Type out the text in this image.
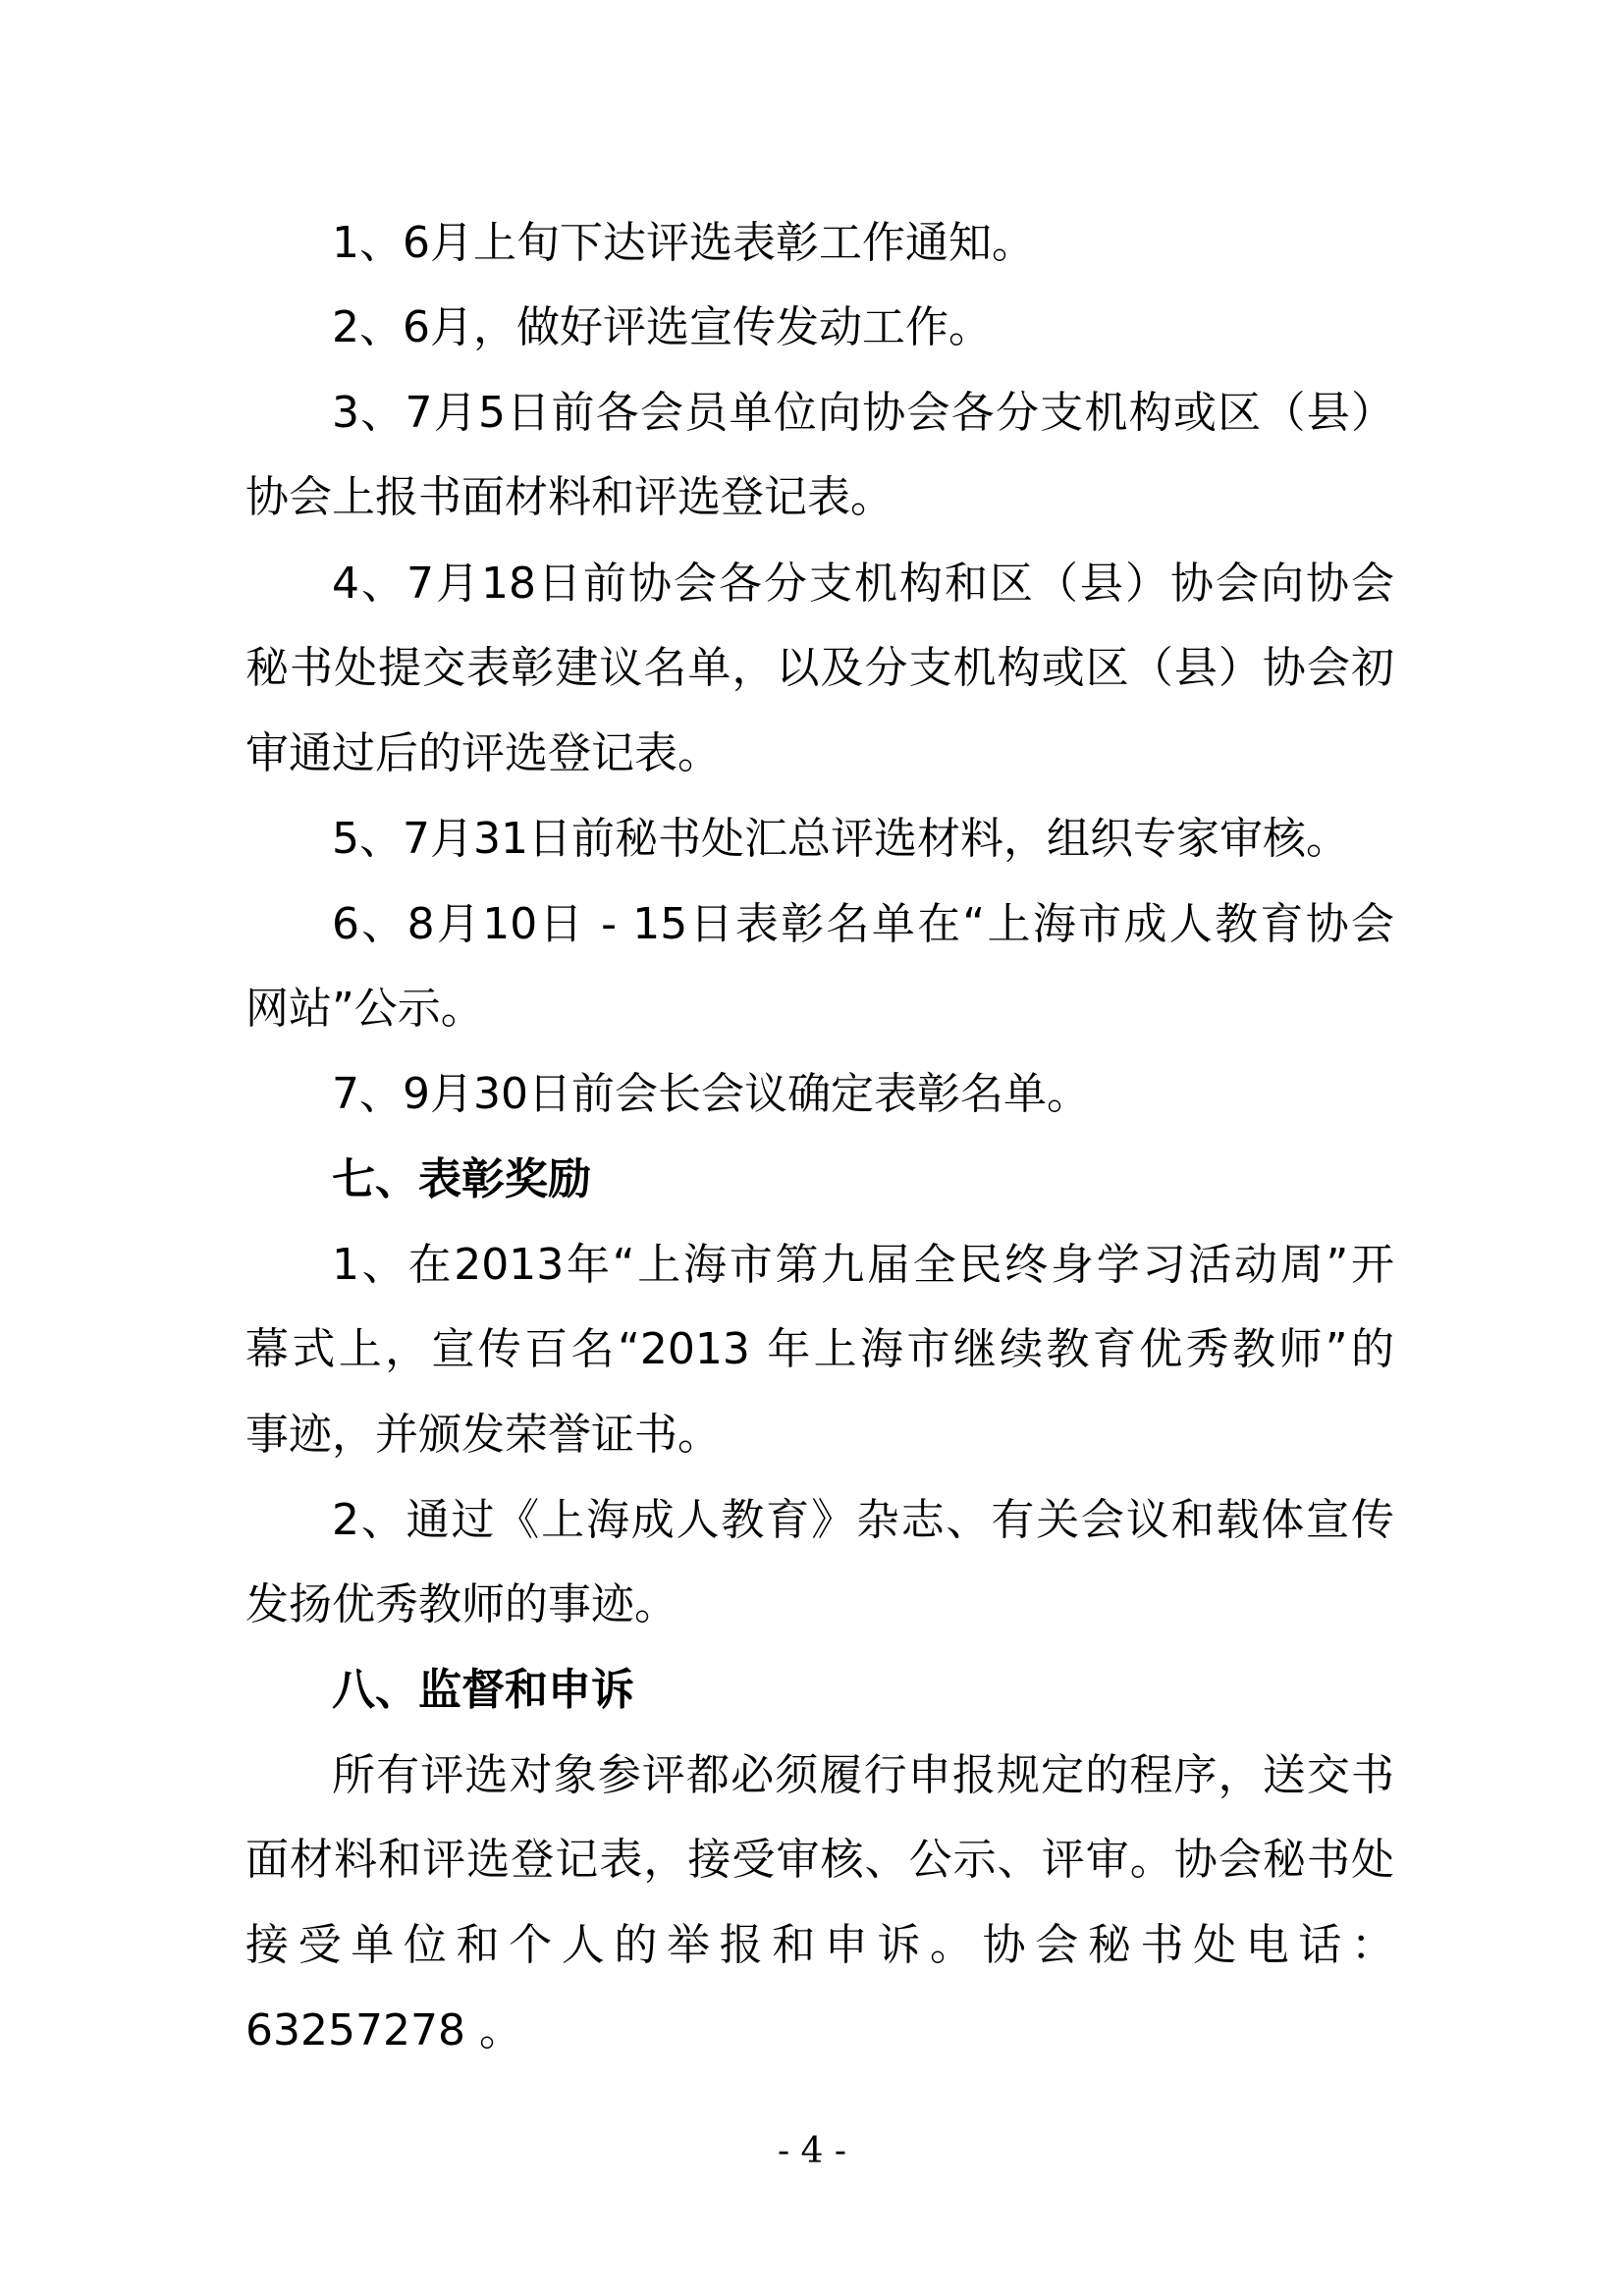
1、6月上旬下达评选表彰工作通知。
2、6月，做好评选宣传发动工作。
3、7月5日前各会员单位向协会各分支机构或区（县）
协会上报书面材料和评选登记表。
4、7月18日前协会各分支机构和区（县）协会向协会
秘书处提交表彰建议名单，以及分支机构或区（县）协会初
审通过后的评选登记表。
5、7月31日前秘书处汇总评选材料，组织专家审核。
6、8月10日 - 15日表彰名单在“上海市成人教育协会
网站”公示。
7、9月30日前会长会议确定表彰名单。
七、表彰奖励
1、在2013年“上海市第九届全民终身学习活动周”开
幕式上，宣传百名“2013 年上海市继续教育优秀教师”的
事迹，并颁发荣誉证书。
2、通过《上海成人教育》杂志、有关会议和载体宣传
发扬优秀教师的事迹。
八、监督和申诉
所有评选对象参评都必须履行申报规定的程序，送交书
面材料和评选登记表，接受审核、公示、评审。协会秘书处
接受单位和个人的举报和申诉。协会秘书处电话：
63257278 。
- 4 -
